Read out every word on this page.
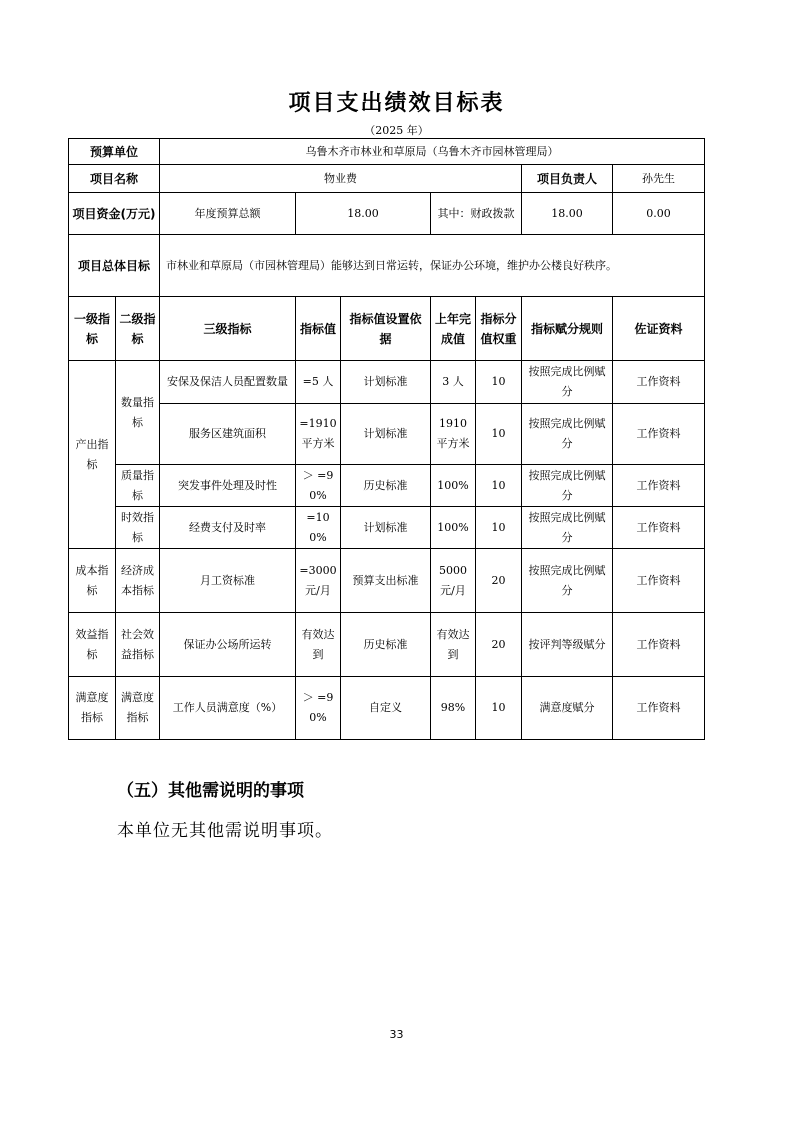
项目支出绩效目标表
（2025 年）
预算单位		乌鲁木齐市林业和草原局（乌鲁木齐市园林管理局）						
项目名称		物业费					项目负责人	孙先生
项目资金(万元)		年度预算总额	18.00		其中：财政拨款		18.00	0.00

项目总体目标		市林业和草原局（市园林管理局）能够达到日常运转，保证办公环境，维护办公楼良好秩序。						
一级指标	二级指标	三级指标	指标值	指标值设置依据	上年完成值	指标分值权重	指标赋分规则	佐证资料
产出指标	数量指标	安保及保洁人员配置数量	=5 人	计划标准	3 人	10	按照完成比例赋分	工作资料
		服务区建筑面积	=1910 平方米	计划标准	1910 平方米	10	按照完成比例赋分	工作资料
	质量指标	突发事件处理及时性	＞ =90%	历史标准	100%	10	按照完成比例赋分	工作资料
	时效指标	经费支付及时率	=100%	计划标准	100%	10	按照完成比例赋分	工作资料
成本指标	经济成本指标	月工资标准	=3000 元/月	预算支出标准	5000 元/月	20	按照完成比例赋分	工作资料
效益指标	社会效益指标	保证办公场所运转	有效达到	历史标准	有效达到	20	按评判等级赋分	工作资料
满意度指标	满意度指标	工作人员满意度（%）	＞ =90%	自定义	98%	10	满意度赋分	工作资料
（五）其他需说明的事项
本单位无其他需说明事项。
33
